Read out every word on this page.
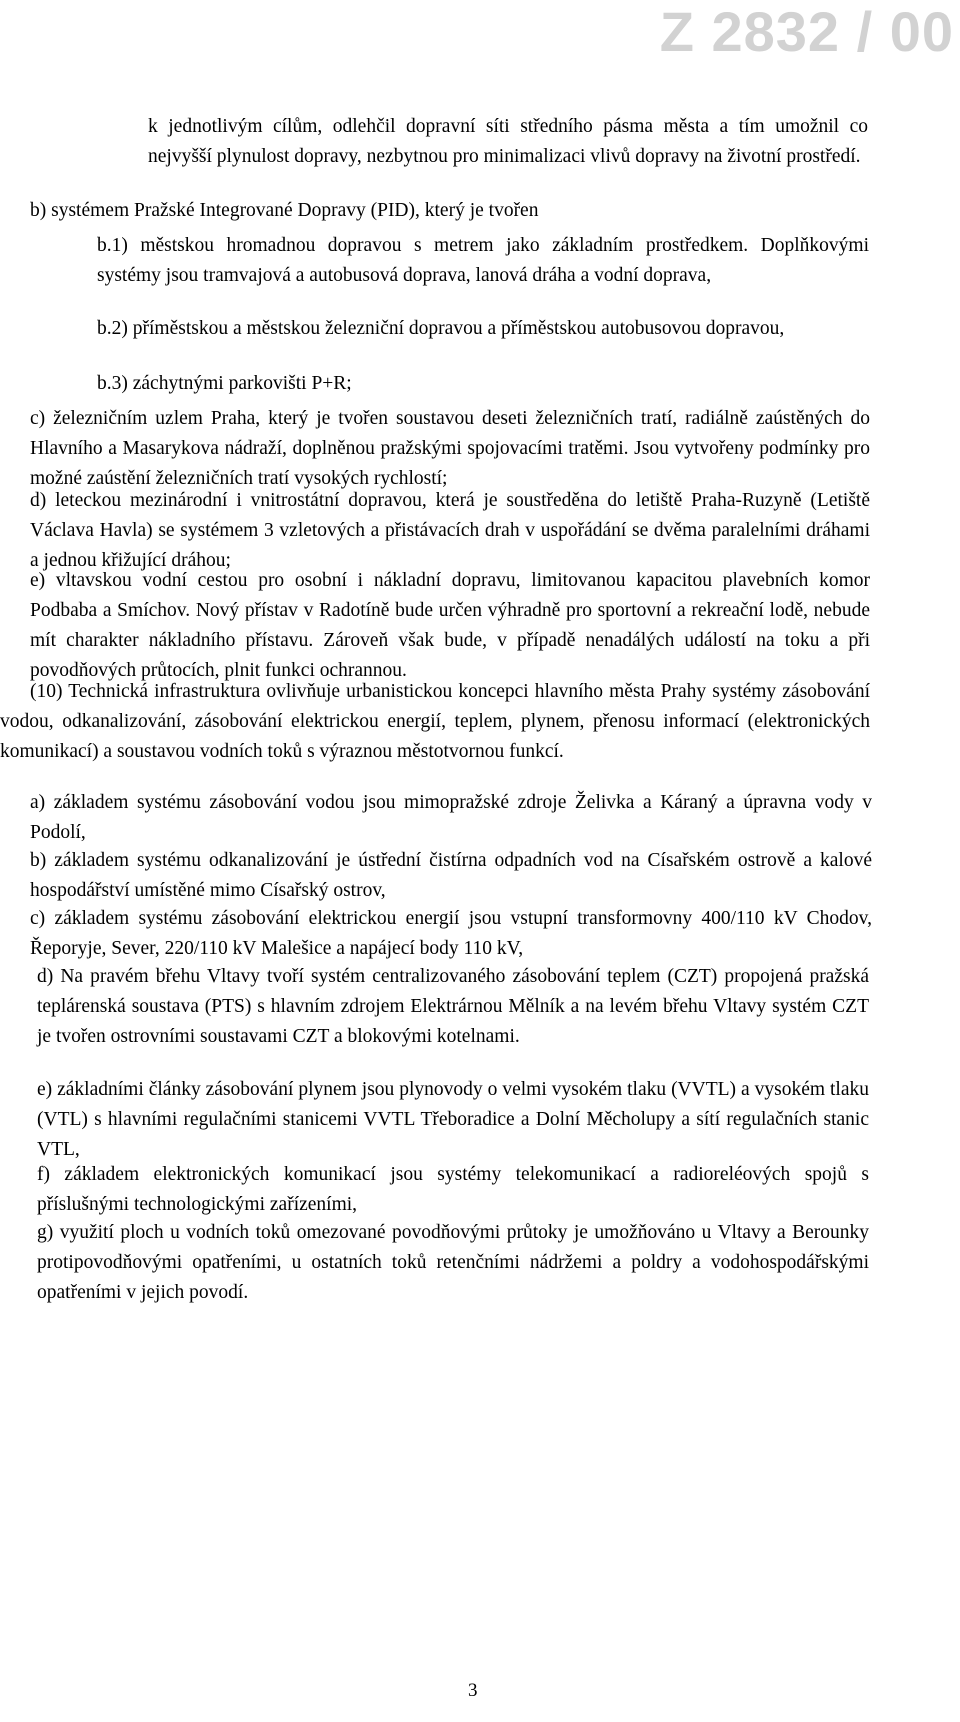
Z 2832 / 00

k jednotlivým cílům, odlehčil dopravní síti středního pásma města a tím umožnil co nejvyšší plynulost dopravy, nezbytnou pro minimalizaci vlivů dopravy na životní prostředí.

b) systémem Pražské Integrované Dopravy (PID), který je tvořen

b.1) městskou hromadnou dopravou s metrem jako základním prostředkem. Doplňkovými systémy jsou tramvajová a autobusová doprava, lanová dráha a vodní doprava,

b.2) příměstskou a městskou železniční dopravou a příměstskou autobusovou dopravou,

b.3) záchytnými parkovišti P+R;

c) železničním uzlem Praha, který je tvořen soustavou deseti železničních tratí, radiálně zaústěných do Hlavního a Masarykova nádraží, doplněnou pražskými spojovacími tratěmi. Jsou vytvořeny podmínky pro možné zaústění železničních tratí vysokých rychlostí;

d) leteckou mezinárodní i vnitrostátní dopravou, která je soustředěna do letiště Praha-Ruzyně (Letiště Václava Havla) se systémem 3 vzletových a přistávacích drah v uspořádání se dvěma paralelními dráhami a jednou křižující dráhou;

e) vltavskou vodní cestou pro osobní i nákladní dopravu, limitovanou kapacitou plavebních komor Podbaba a Smíchov. Nový přístav v Radotíně bude určen výhradně pro sportovní a rekreační lodě, nebude mít charakter nákladního přístavu. Zároveň však bude, v případě nenadálých událostí na toku a při povodňových průtocích, plnit funkci ochrannou.

(10) Technická infrastruktura ovlivňuje urbanistickou koncepci hlavního města Prahy systémy zásobování vodou, odkanalizování, zásobování elektrickou energií, teplem, plynem, přenosu informací (elektronických komunikací) a soustavou vodních toků s výraznou městotvornou funkcí.

a) základem systému zásobování vodou jsou mimopražské zdroje Želivka a Káraný a úpravna vody v Podolí,

b) základem systému odkanalizování je ústřední čistírna odpadních vod na Císařském ostrově a kalové hospodářství umístěné mimo Císařský ostrov,

c) základem systému zásobování elektrickou energií jsou vstupní transformovny 400/110 kV Chodov, Řeporyje, Sever, 220/110 kV Malešice a napájecí body 110 kV,

d) Na pravém břehu Vltavy tvoří systém centralizovaného zásobování teplem (CZT) propojená pražská teplárenská soustava (PTS) s hlavním zdrojem Elektrárnou Mělník a na levém břehu Vltavy systém CZT je tvořen ostrovními soustavami CZT a blokovými kotelnami.

e) základními články zásobování plynem jsou plynovody o velmi vysokém tlaku (VVTL) a vysokém tlaku (VTL) s hlavními regulačními stanicemi VVTL Třeboradice a Dolní Měcholupy a sítí regulačních stanic VTL,

f) základem elektronických komunikací jsou systémy telekomunikací a radioreléových spojů s příslušnými technologickými zařízeními,

g) využití ploch u vodních toků omezované povodňovými průtoky je umožňováno u Vltavy a Berounky protipovodňovými opatřeními, u ostatních toků retenčními nádržemi a poldry a vodohospodářskými opatřeními v jejich povodí.

3
